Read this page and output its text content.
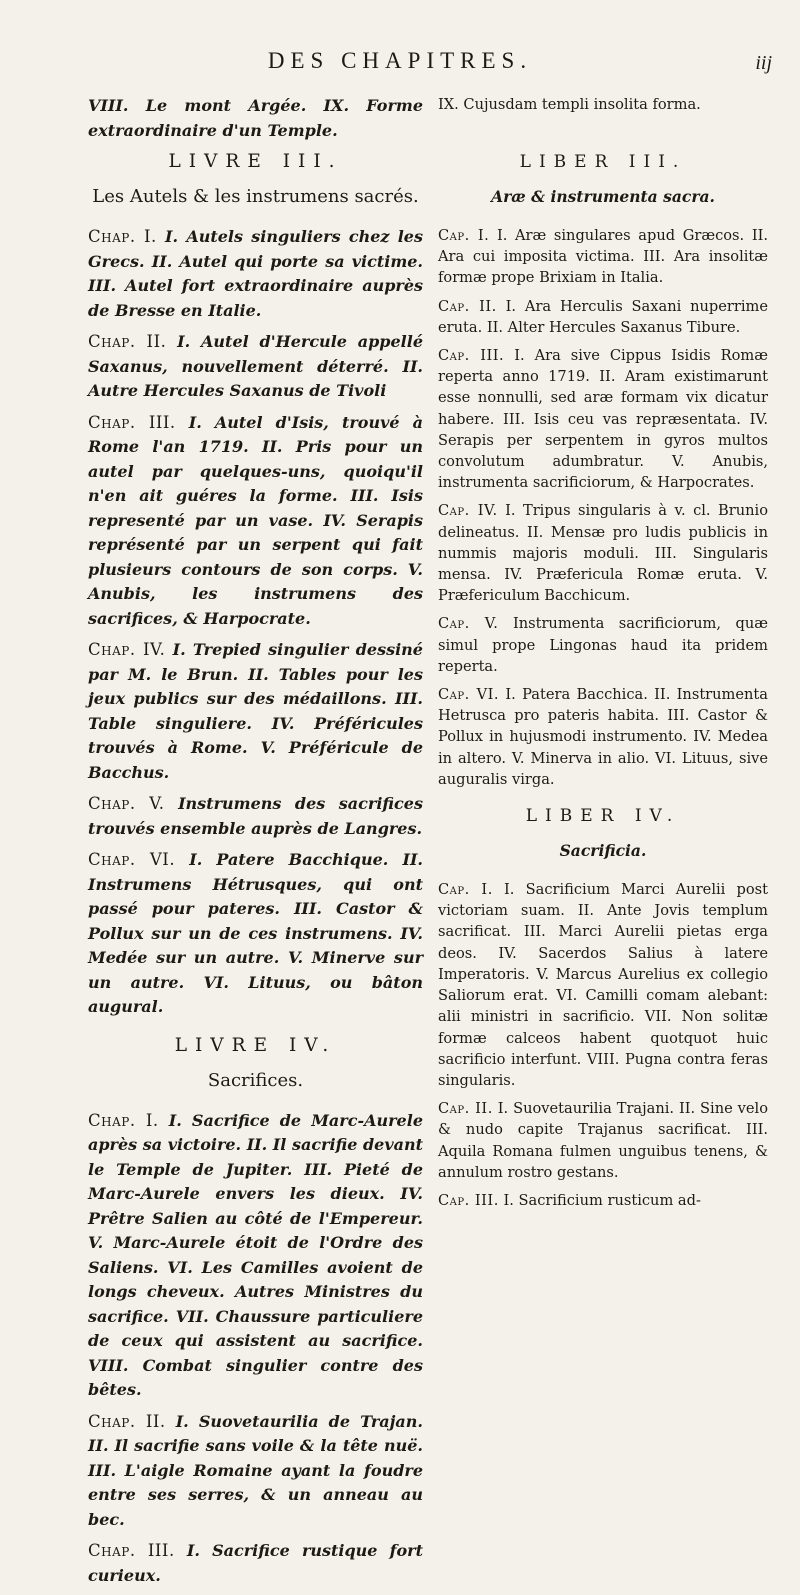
DES CHAPITRES.	iij
VIII. Le mont Argée. IX. Forme extraordinaire d'un Temple.
LIVRE III.
Les Autels & les instrumens sacrés.
Chap. I. I. Autels singuliers chez les Grecs. II. Autel qui porte sa victime. III. Autel fort extraordinaire auprès de Bresse en Italie.
Chap. II. I. Autel d'Hercule appellé Saxanus, nouvellement déterré. II. Autre Hercules Saxanus de Tivoli
Chap. III. I. Autel d'Isis, trouvé à Rome l'an 1719. II. Pris pour un autel par quelques-uns, quoiqu'il n'en ait guéres la forme. III. Isis representé par un vase. IV. Serapis représenté par un serpent qui fait plusieurs contours de son corps. V. Anubis, les instrumens des sacrifices, & Harpocrate.
Chap. IV. I. Trepied singulier dessiné par M. le Brun. II. Tables pour les jeux publics sur des médaillons. III. Table singuliere. IV. Préféricules trouvés à Rome. V. Préféricule de Bacchus.
Chap. V. Instrumens des sacrifices trouvés ensemble auprès de Langres.
Chap. VI. I. Patere Bacchique. II. Instrumens Hétrusques, qui ont passé pour pateres. III. Castor & Pollux sur un de ces instrumens. IV. Medée sur un autre. V. Minerve sur un autre. VI. Lituus, ou bâton augural.
LIVRE IV.
Sacrifices.
Chap. I. I. Sacrifice de Marc-Aurele après sa victoire. II. Il sacrifie devant le Temple de Jupiter. III. Pieté de Marc-Aurele envers les dieux. IV. Prêtre Salien au côté de l'Empereur. V. Marc-Aurele étoit de l'Ordre des Saliens. VI. Les Camilles avoient de longs cheveux. Autres Ministres du sacrifice. VII. Chaussure particuliere de ceux qui assistent au sacrifice. VIII. Combat singulier contre des bêtes.
Chap. II. I. Suovetaurilia de Trajan. II. Il sacrifie sans voile & la tête nuë. III. L'aigle Romaine ayant la foudre entre ses serres, & un anneau au bec.
Chap. III. I. Sacrifice rustique fort curieux.
IX. Cujusdam templi insolita forma.
LIBER III.
Aræ & instrumenta sacra.
Cap. I. I. Aræ singulares apud Græcos. II. Ara cui imposita victima. III. Ara insolitæ formæ prope Brixiam in Italia.
Cap. II. I. Ara Herculis Saxani nuperrime eruta. II. Alter Hercules Saxanus Tibure.
Cap. III. I. Ara sive Cippus Isidis Romæ reperta anno 1719. II. Aram existimarunt esse nonnulli, sed aræ formam vix dicatur habere. III. Isis ceu vas repræsentata. IV. Serapis per serpentem in gyros multos convolutum adumbratur. V. Anubis, instrumenta sacrificiorum, & Harpocrates.
Cap. IV. I. Tripus singularis à v. cl. Brunio delineatus. II. Mensæ pro ludis publicis in nummis majoris moduli. III. Singularis mensa. IV. Præfericula Romæ eruta. V. Præfericulum Bacchicum.
Cap. V. Instrumenta sacrificiorum, quæ simul prope Lingonas haud ita pridem reperta.
Cap. VI. I. Patera Bacchica. II. Instrumenta Hetrusca pro pateris habita. III. Castor & Pollux in hujusmodi instrumento. IV. Medea in altero. V. Minerva in alio. VI. Lituus, sive auguralis virga.
LIBER IV.
Sacrificia.
Cap. I. I. Sacrificium Marci Aurelii post victoriam suam. II. Ante Jovis templum sacrificat. III. Marci Aurelii pietas erga deos. IV. Sacerdos Salius à latere Imperatoris. V. Marcus Aurelius ex collegio Saliorum erat. VI. Camilli comam alebant: alii ministri in sacrificio. VII. Non solitæ formæ calceos habent quotquot huic sacrificio interfunt. VIII. Pugna contra feras singularis.
Cap. II. I. Suovetaurilia Trajani. II. Sine velo & nudo capite Trajanus sacrificat. III. Aquila Romana fulmen unguibus tenens, & annulum rostro gestans.
Cap. III. I. Sacrificium rusticum ad-
